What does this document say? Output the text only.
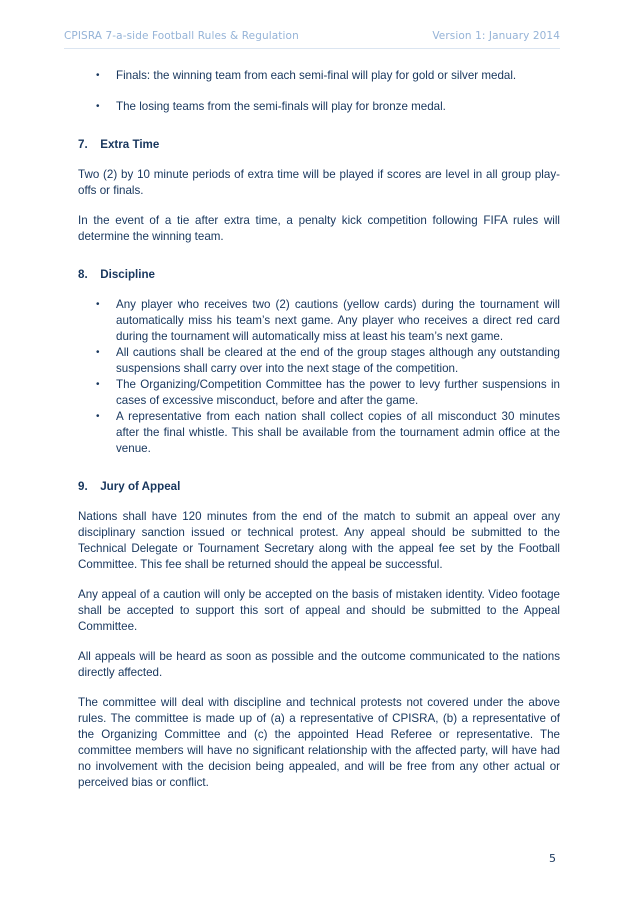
CPISRA 7-a-side Football Rules & Regulation	Version 1: January 2014
• Finals: the winning team from each semi-final will play for gold or silver medal.
• The losing teams from the semi-finals will play for bronze medal.
7. Extra Time

Two (2) by 10 minute periods of extra time will be played if scores are level in all group play-offs or finals.

In the event of a tie after extra time, a penalty kick competition following FIFA rules will determine the winning team.

8. Discipline
• Any player who receives two (2) cautions (yellow cards) during the tournament will automatically miss his team’s next game. Any player who receives a direct red card during the tournament will automatically miss at least his team’s next game.
• All cautions shall be cleared at the end of the group stages although any outstanding suspensions shall carry over into the next stage of the competition.
• The Organizing/Competition Committee has the power to levy further suspensions in cases of excessive misconduct, before and after the game.
• A representative from each nation shall collect copies of all misconduct 30 minutes after the final whistle. This shall be available from the tournament admin office at the venue.
9. Jury of Appeal

Nations shall have 120 minutes from the end of the match to submit an appeal over any disciplinary sanction issued or technical protest. Any appeal should be submitted to the Technical Delegate or Tournament Secretary along with the appeal fee set by the Football Committee. This fee shall be returned should the appeal be successful.

Any appeal of a caution will only be accepted on the basis of mistaken identity. Video footage shall be accepted to support this sort of appeal and should be submitted to the Appeal Committee.

All appeals will be heard as soon as possible and the outcome communicated to the nations directly affected.

The committee will deal with discipline and technical protests not covered under the above rules. The committee is made up of (a) a representative of CPISRA, (b) a representative of the Organizing Committee and (c) the appointed Head Referee or representative. The committee members will have no significant relationship with the affected party, will have had no involvement with the decision being appealed, and will be free from any other actual or perceived bias or conflict.

5
